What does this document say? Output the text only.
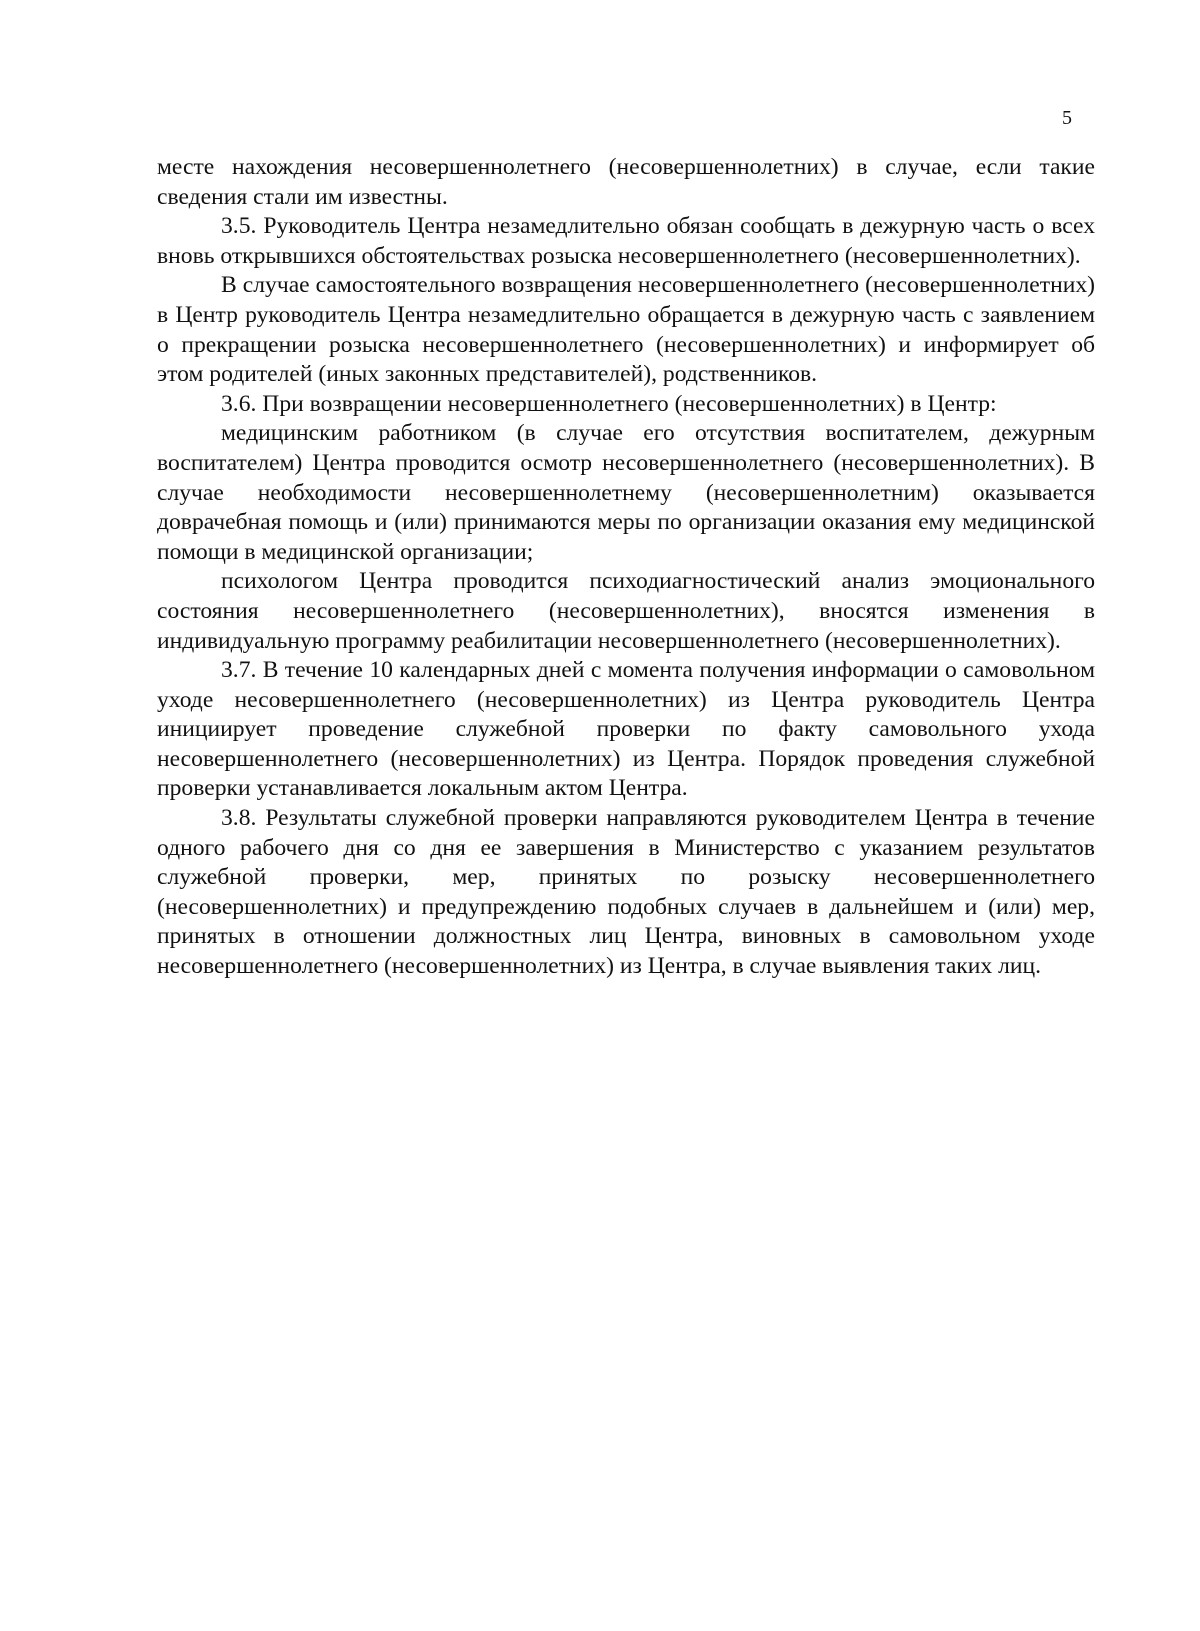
5

месте нахождения несовершеннолетнего (несовершеннолетних) в случае, если такие сведения стали им известны.

3.5. Руководитель Центра незамедлительно обязан сообщать в дежурную часть о всех вновь открывшихся обстоятельствах розыска несовершеннолетнего (несовершеннолетних).

В случае самостоятельного возвращения несовершеннолетнего (несовершеннолетних) в Центр руководитель Центра незамедлительно обращается в дежурную часть с заявлением о прекращении розыска несовершеннолетнего (несовершеннолетних) и информирует об этом родителей (иных законных представителей), родственников.

3.6. При возвращении несовершеннолетнего (несовершеннолетних) в Центр:

медицинским работником (в случае его отсутствия воспитателем, дежурным воспитателем) Центра проводится осмотр несовершеннолетнего (несовершеннолетних). В случае необходимости несовершеннолетнему (несовершеннолетним) оказывается доврачебная помощь и (или) принимаются меры по организации оказания ему медицинской помощи в медицинской организации;

психологом Центра проводится психодиагностический анализ эмоционального состояния несовершеннолетнего (несовершеннолетних), вносятся изменения в индивидуальную программу реабилитации несовершеннолетнего (несовершеннолетних).

3.7. В течение 10 календарных дней с момента получения информации о самовольном уходе несовершеннолетнего (несовершеннолетних) из Центра руководитель Центра инициирует проведение служебной проверки по факту самовольного ухода несовершеннолетнего (несовершеннолетних) из Центра. Порядок проведения служебной проверки устанавливается локальным актом Центра.

3.8. Результаты служебной проверки направляются руководителем Центра в течение одного рабочего дня со дня ее завершения в Министерство с указанием результатов служебной проверки, мер, принятых по розыску несовершеннолетнего (несовершеннолетних) и предупреждению подобных случаев в дальнейшем и (или) мер, принятых в отношении должностных лиц Центра, виновных в самовольном уходе несовершеннолетнего (несовершеннолетних) из Центра, в случае выявления таких лиц.
